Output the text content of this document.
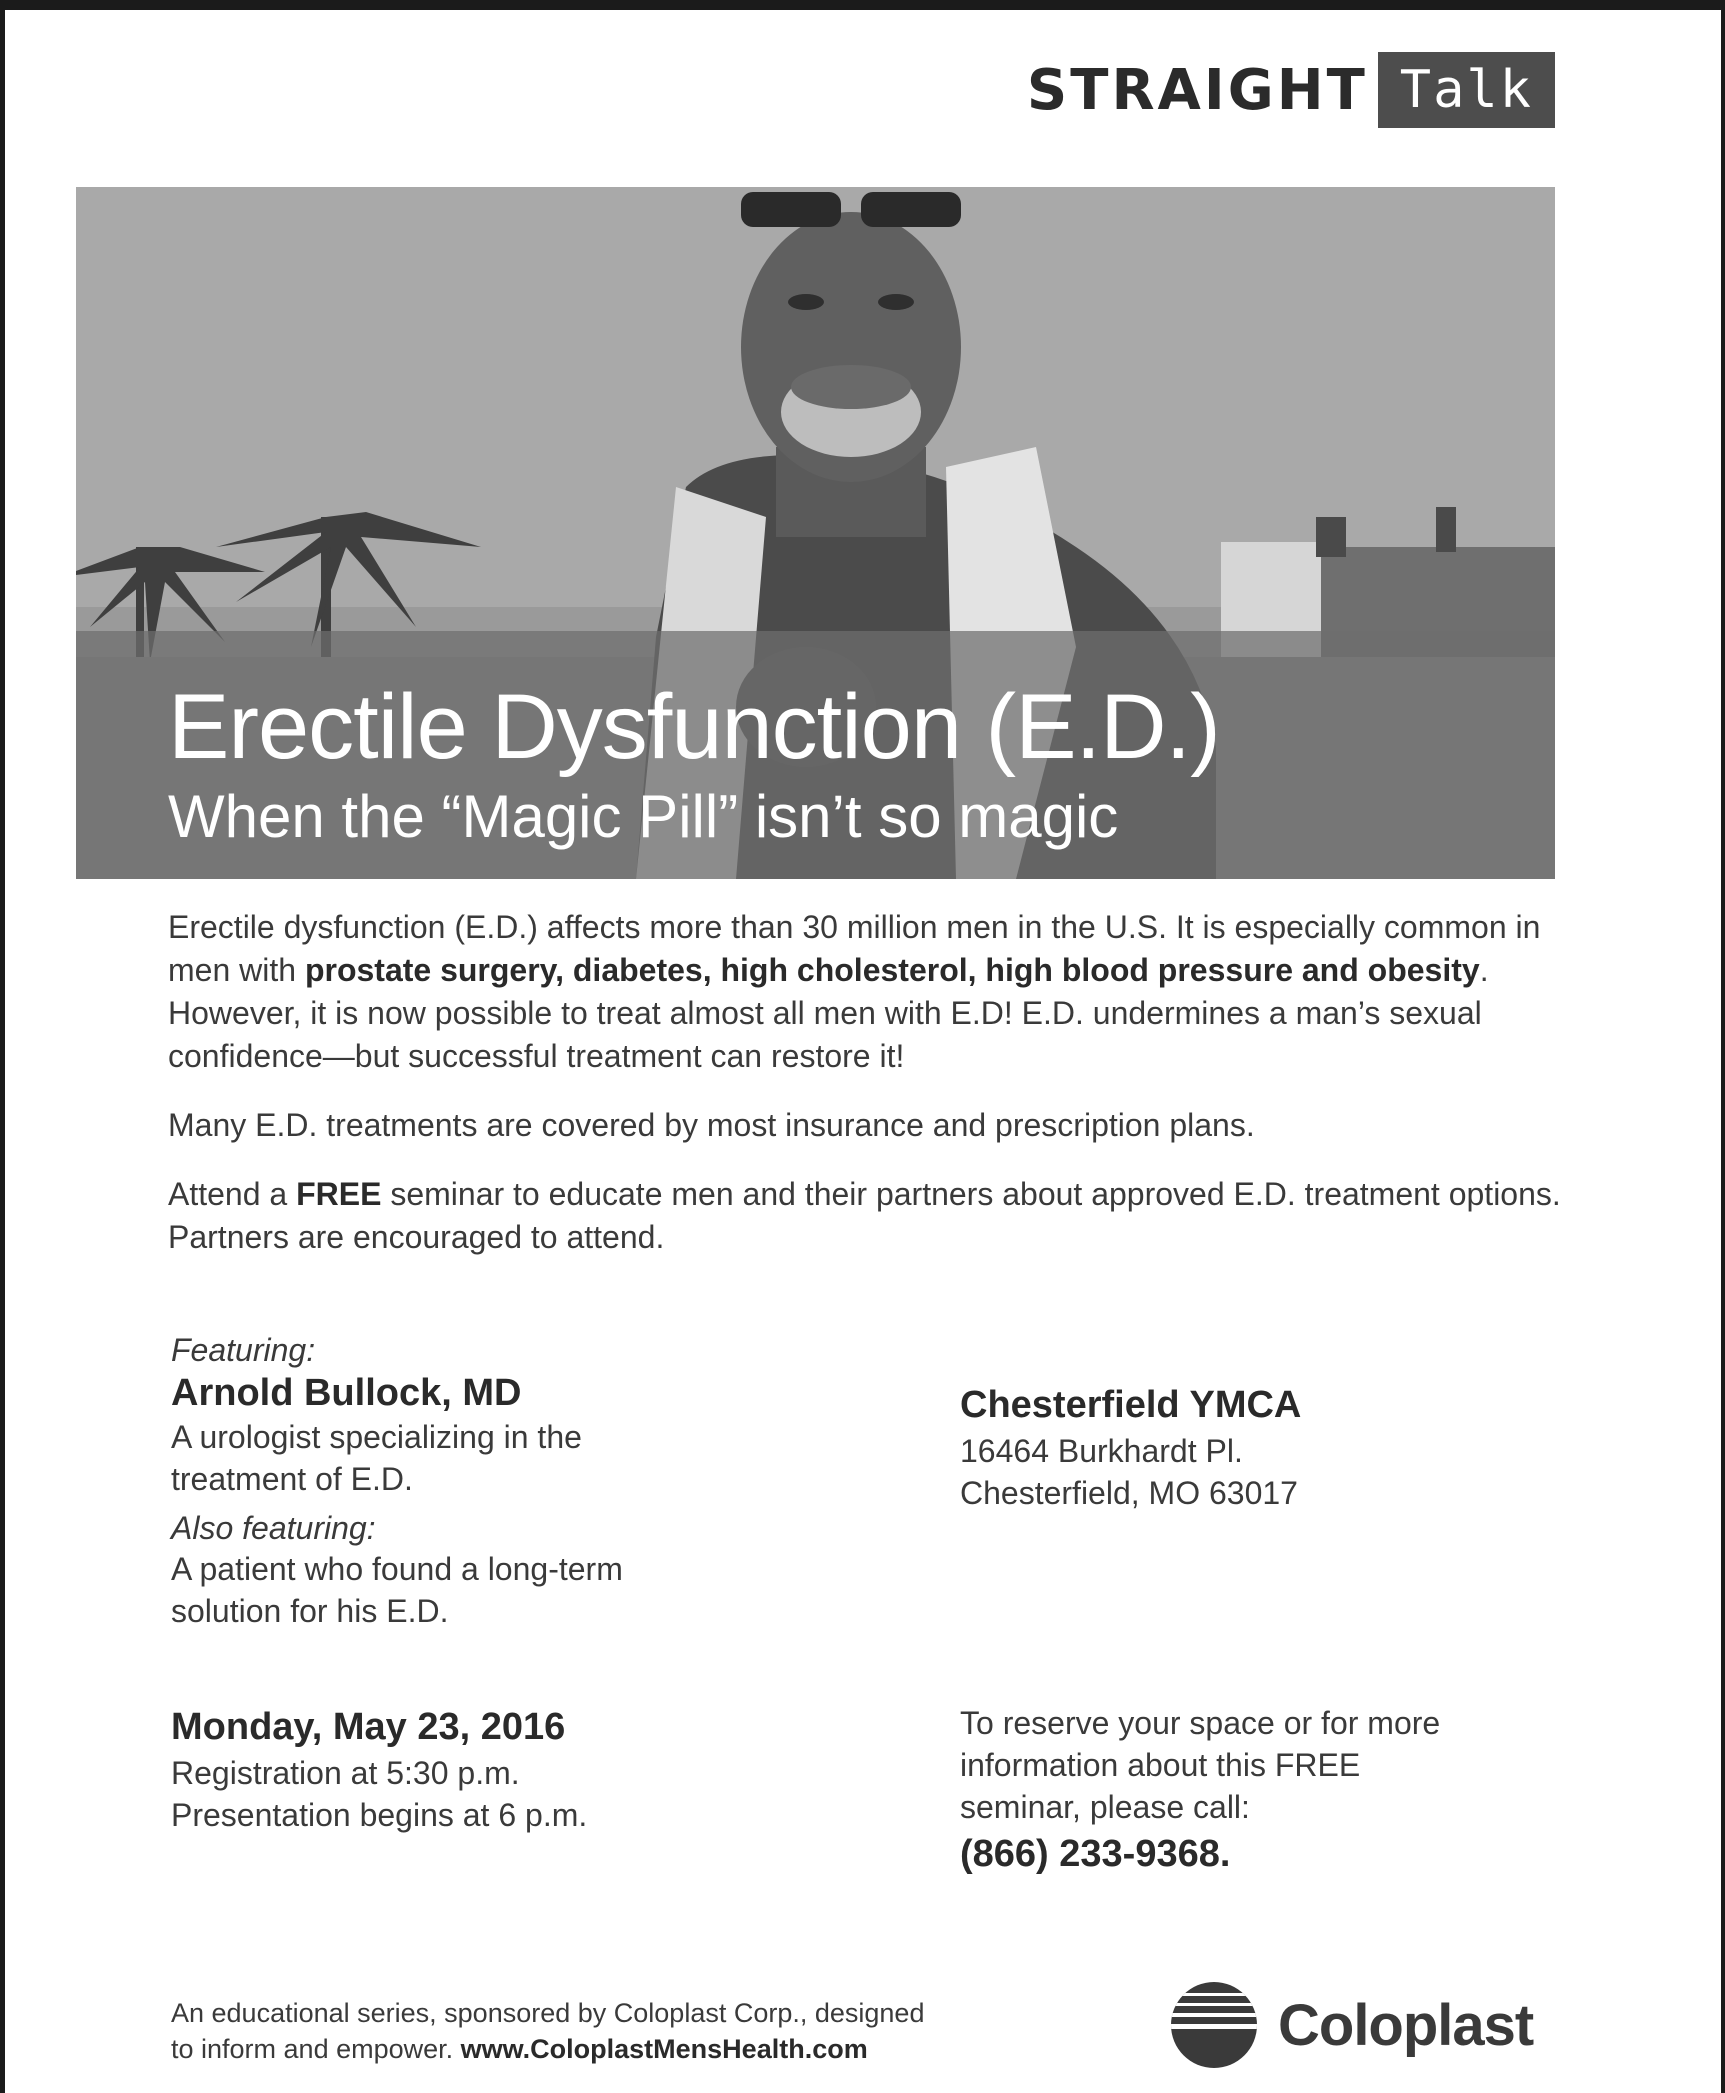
STRAIGHT Talk
Erectile Dysfunction (E.D.)
When the “Magic Pill” isn’t so magic

Erectile dysfunction (E.D.) affects more than 30 million men in the U.S. It is especially common in men with prostate surgery, diabetes, high cholesterol, high blood pressure and obesity. However, it is now possible to treat almost all men with E.D! E.D. undermines a man’s sexual confidence—but successful treatment can restore it!

Many E.D. treatments are covered by most insurance and prescription plans.

Attend a FREE seminar to educate men and their partners about approved E.D. treatment options. Partners are encouraged to attend.

Featuring:
Arnold Bullock, MD
A urologist specializing in the
treatment of E.D.
Also featuring:
A patient who found a long-term
solution for his E.D.
Chesterfield YMCA
16464 Burkhardt Pl.
Chesterfield, MO 63017
Monday, May 23, 2016
Registration at 5:30 p.m.
Presentation begins at 6 p.m.
To reserve your space or for more
information about this FREE
seminar, please call:
(866) 233-9368.
An educational series, sponsored by Coloplast Corp., designed
to inform and empower. www.ColoplastMensHealth.com	Coloplast
